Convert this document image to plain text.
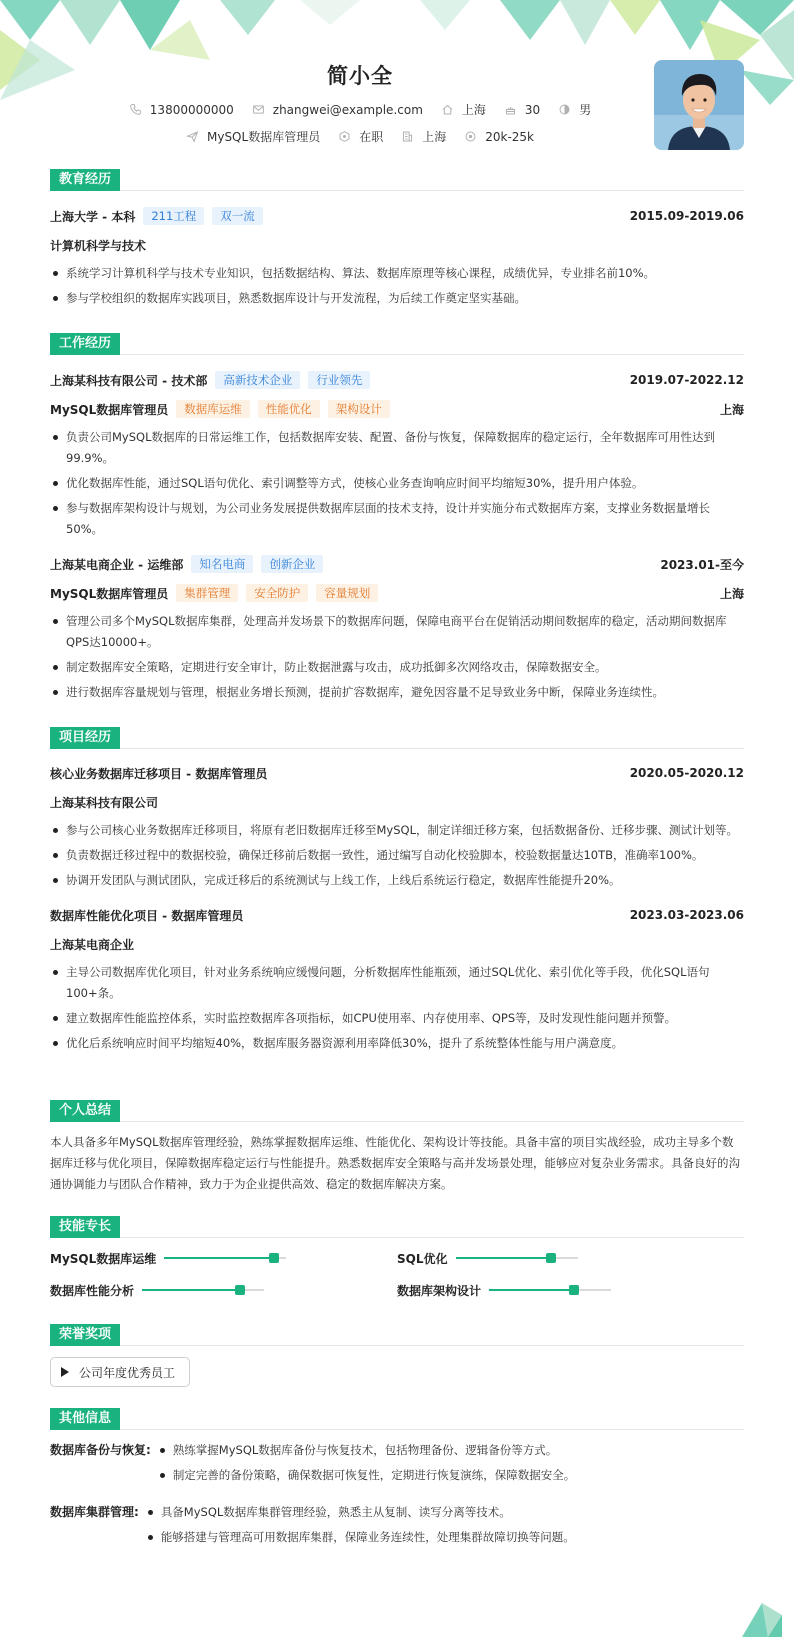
简小全
13800000000	zhangwei@example.com	上海	30	男
MySQL数据库管理员	在职	上海	20k-25k
教育经历
上海大学 - 本科	211工程	双一流	2015.09-2019.06
计算机科学与技术
系统学习计算机科学与技术专业知识，包括数据结构、算法、数据库原理等核心课程，成绩优异，专业排名前10%。
参与学校组织的数据库实践项目，熟悉数据库设计与开发流程，为后续工作奠定坚实基础。
工作经历
上海某科技有限公司 - 技术部	高新技术企业	行业领先	2019.07-2022.12
MySQL数据库管理员	数据库运维	性能优化	架构设计	上海
负责公司MySQL数据库的日常运维工作，包括数据库安装、配置、备份与恢复，保障数据库的稳定运行，全年数据库可用性达到99.9%。
优化数据库性能，通过SQL语句优化、索引调整等方式，使核心业务查询响应时间平均缩短30%，提升用户体验。
参与数据库架构设计与规划，为公司业务发展提供数据库层面的技术支持，设计并实施分布式数据库方案，支撑业务数据量增长50%。
上海某电商企业 - 运维部	知名电商	创新企业	2023.01-至今
MySQL数据库管理员	集群管理	安全防护	容量规划	上海
管理公司多个MySQL数据库集群，处理高并发场景下的数据库问题，保障电商平台在促销活动期间数据库的稳定，活动期间数据库QPS达10000+。
制定数据库安全策略，定期进行安全审计，防止数据泄露与攻击，成功抵御多次网络攻击，保障数据安全。
进行数据库容量规划与管理，根据业务增长预测，提前扩容数据库，避免因容量不足导致业务中断，保障业务连续性。
项目经历
核心业务数据库迁移项目 - 数据库管理员	2020.05-2020.12
上海某科技有限公司
参与公司核心业务数据库迁移项目，将原有老旧数据库迁移至MySQL，制定详细迁移方案，包括数据备份、迁移步骤、测试计划等。
负责数据迁移过程中的数据校验，确保迁移前后数据一致性，通过编写自动化校验脚本，校验数据量达10TB，准确率100%。
协调开发团队与测试团队，完成迁移后的系统测试与上线工作，上线后系统运行稳定，数据库性能提升20%。
数据库性能优化项目 - 数据库管理员	2023.03-2023.06
上海某电商企业
主导公司数据库优化项目，针对业务系统响应缓慢问题，分析数据库性能瓶颈，通过SQL优化、索引优化等手段，优化SQL语句100+条。
建立数据库性能监控体系，实时监控数据库各项指标，如CPU使用率、内存使用率、QPS等，及时发现性能问题并预警。
优化后系统响应时间平均缩短40%，数据库服务器资源利用率降低30%，提升了系统整体性能与用户满意度。
个人总结

本人具备多年MySQL数据库管理经验，熟练掌握数据库运维、性能优化、架构设计等技能。具备丰富的项目实战经验，成功主导多个数据库迁移与优化项目，保障数据库稳定运行与性能提升。熟悉数据库安全策略与高并发场景处理，能够应对复杂业务需求。具备良好的沟通协调能力与团队合作精神，致力于为企业提供高效、稳定的数据库解决方案。

技能专长
MySQL数据库运维	SQL优化
数据库性能分析	数据库架构设计
荣誉奖项
公司年度优秀员工
其他信息
数据库备份与恢复:	熟练掌握MySQL数据库备份与恢复技术，包括物理备份、逻辑备份等方式。
制定完善的备份策略，确保数据可恢复性，定期进行恢复演练，保障数据安全。
数据库集群管理:	具备MySQL数据库集群管理经验，熟悉主从复制、读写分离等技术。
能够搭建与管理高可用数据库集群，保障业务连续性，处理集群故障切换等问题。
